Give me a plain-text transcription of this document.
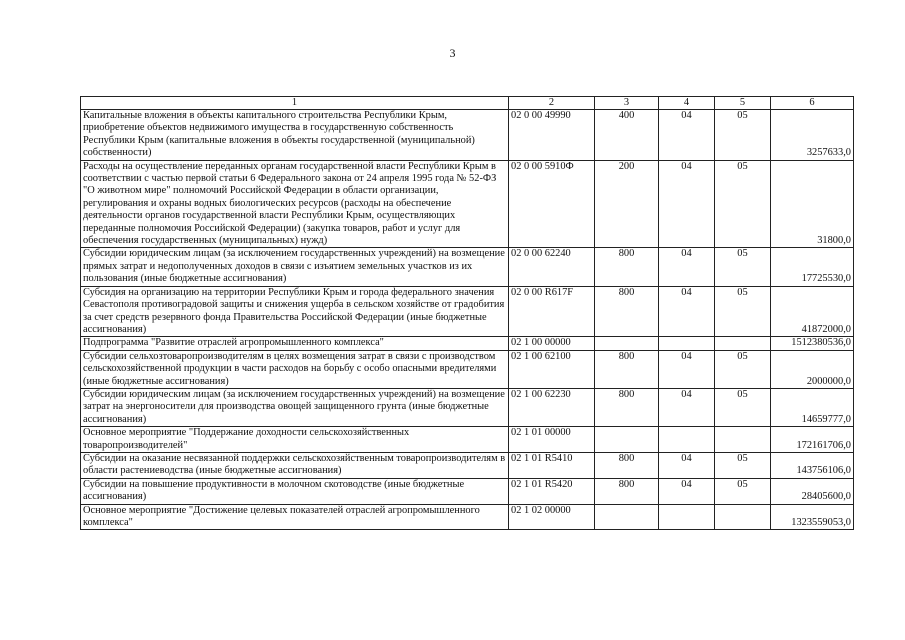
3
1	2	3	4	5	6
Капитальные вложения в объекты капитального строительства Республики Крым, приобретение объектов недвижимого имущества в государственную собственность Республики Крым (капитальные вложения в объекты государственной (муниципальной) собственности)	02 0 00 49990	400	04	05	3257633,0
Расходы на осуществление переданных органам государственной власти Республики Крым в соответствии с частью первой статьи 6 Федерального закона от 24 апреля 1995 года № 52-ФЗ "О животном мире" полномочий Российской Федерации в области организации, регулирования и охраны водных биологических ресурсов (расходы на обеспечение деятельности органов государственной власти Республики Крым, осуществляющих переданные полномочия Российской Федерации) (закупка товаров, работ и услуг для обеспечения государственных (муниципальных) нужд)	02 0 00 5910Ф	200	04	05	31800,0
Субсидии юридическим лицам (за исключением государственных учреждений) на возмещение прямых затрат и недополученных доходов в связи с изъятием земельных участков из их пользования (иные бюджетные ассигнования)	02 0 00 62240	800	04	05	17725530,0
Субсидия на организацию на территории Республики Крым и города федерального значения Севастополя противоградовой защиты и снижения ущерба в сельском хозяйстве от градобития за счет средств резервного фонда Правительства Российской Федерации (иные бюджетные ассигнования)	02 0 00 R617F	800	04	05	41872000,0
Подпрограмма "Развитие отраслей агропромышленного комплекса"	02 1 00 00000				1512380536,0
Субсидии сельхозтоваропроизводителям в целях возмещения затрат в связи с производством сельскохозяйственной продукции в части расходов на борьбу с особо опасными вредителями (иные бюджетные ассигнования)	02 1 00 62100	800	04	05	2000000,0
Субсидии юридическим лицам (за исключением государственных учреждений) на возмещение затрат на энергоносители для производства овощей защищенного грунта (иные бюджетные ассигнования)	02 1 00 62230	800	04	05	14659777,0
Основное мероприятие "Поддержание доходности сельскохозяйственных товаропроизводителей"	02 1 01 00000				172161706,0
Субсидии на оказание несвязанной поддержки сельскохозяйственным товаропроизводителям в области растениеводства (иные бюджетные ассигнования)	02 1 01 R5410	800	04	05	143756106,0
Субсидии на повышение продуктивности в молочном скотоводстве (иные бюджетные ассигнования)	02 1 01 R5420	800	04	05	28405600,0
Основное мероприятие "Достижение целевых показателей отраслей агропромышленного комплекса"	02 1 02 00000				1323559053,0
